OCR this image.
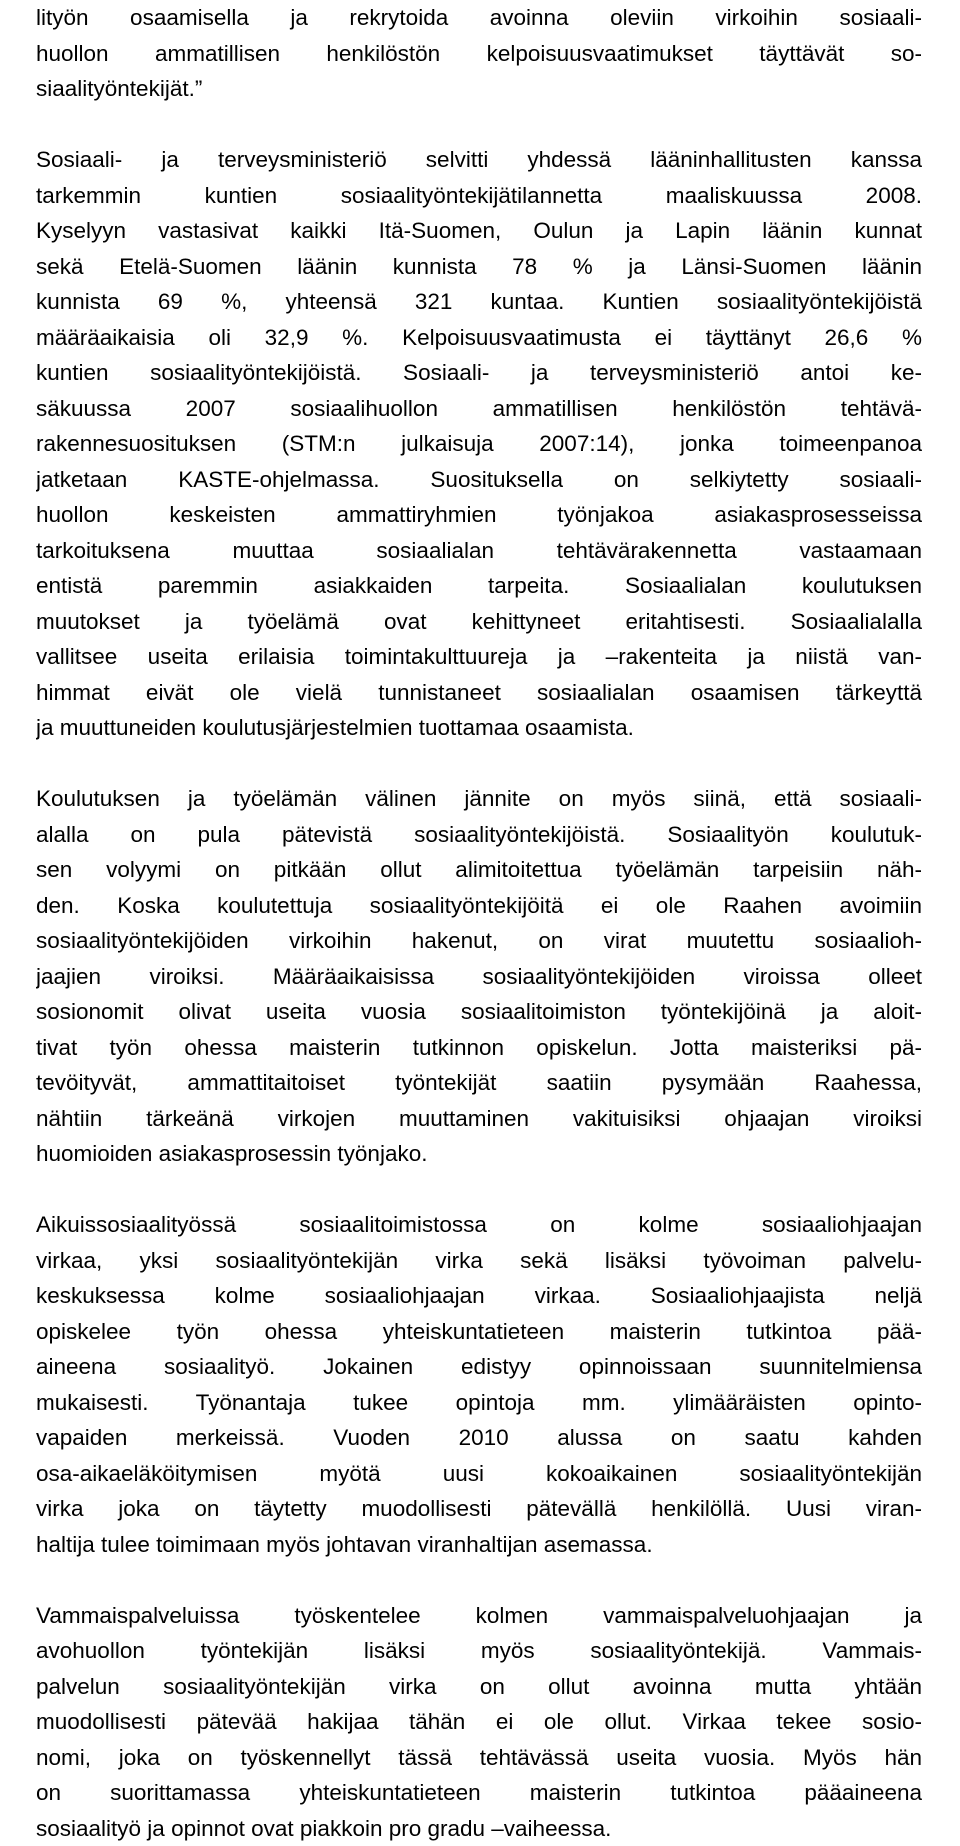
lityön osaamisella ja rekrytoida avoinna oleviin virkoihin sosiaali-
huollon ammatillisen henkilöstön kelpoisuusvaatimukset täyttävät so-
siaalityöntekijät.”
Sosiaali- ja terveysministeriö selvitti yhdessä lääninhallitusten kanssa
tarkemmin kuntien sosiaalityöntekijätilannetta maaliskuussa 2008.
Kyselyyn vastasivat kaikki Itä-Suomen, Oulun ja Lapin läänin kunnat
sekä Etelä-Suomen läänin kunnista 78 % ja Länsi-Suomen läänin
kunnista 69 %, yhteensä 321 kuntaa. Kuntien sosiaalityöntekijöistä
määräaikaisia oli 32,9 %. Kelpoisuusvaatimusta ei täyttänyt 26,6 %
kuntien sosiaalityöntekijöistä. Sosiaali- ja terveysministeriö antoi ke-
säkuussa 2007 sosiaalihuollon ammatillisen henkilöstön tehtävä-
rakennesuosituksen (STM:n julkaisuja 2007:14), jonka toimeenpanoa
jatketaan KASTE-ohjelmassa. Suosituksella on selkiytetty sosiaali-
huollon keskeisten ammattiryhmien työnjakoa asiakasprosesseissa
tarkoituksena muuttaa sosiaalialan tehtävärakennetta vastaamaan
entistä paremmin asiakkaiden tarpeita. Sosiaalialan koulutuksen
muutokset ja työelämä ovat kehittyneet eritahtisesti. Sosiaalialalla
vallitsee useita erilaisia toimintakulttuureja ja –rakenteita ja niistä van-
himmat eivät ole vielä tunnistaneet sosiaalialan osaamisen tärkeyttä
ja muuttuneiden koulutusjärjestelmien tuottamaa osaamista.
Koulutuksen ja työelämän välinen jännite on myös siinä, että sosiaali-
alalla on pula pätevistä sosiaalityöntekijöistä. Sosiaalityön koulutuk-
sen volyymi on pitkään ollut alimitoitettua työelämän tarpeisiin näh-
den. Koska koulutettuja sosiaalityöntekijöitä ei ole Raahen avoimiin
sosiaalityöntekijöiden virkoihin hakenut, on virat muutettu sosiaalioh-
jaajien viroiksi. Määräaikaisissa sosiaalityöntekijöiden viroissa olleet
sosionomit olivat useita vuosia sosiaalitoimiston työntekijöinä ja aloit-
tivat työn ohessa maisterin tutkinnon opiskelun. Jotta maisteriksi pä-
tevöityvät, ammattitaitoiset työntekijät saatiin pysymään Raahessa,
nähtiin tärkeänä virkojen muuttaminen vakituisiksi ohjaajan viroiksi
huomioiden asiakasprosessin työnjako.
Aikuissosiaalityössä sosiaalitoimistossa on kolme sosiaaliohjaajan
virkaa, yksi sosiaalityöntekijän virka sekä lisäksi työvoiman palvelu-
keskuksessa kolme sosiaaliohjaajan virkaa. Sosiaaliohjaajista neljä
opiskelee työn ohessa yhteiskuntatieteen maisterin tutkintoa pää-
aineena sosiaalityö. Jokainen edistyy opinnoissaan suunnitelmiensa
mukaisesti. Työnantaja tukee opintoja mm. ylimääräisten opinto-
vapaiden merkeissä. Vuoden 2010 alussa on saatu kahden
osa-aikaeläköitymisen myötä uusi kokoaikainen sosiaalityöntekijän
virka joka on täytetty muodollisesti pätevällä henkilöllä. Uusi viran-
haltija tulee toimimaan myös johtavan viranhaltijan asemassa.
Vammaispalveluissa työskentelee kolmen vammaispalveluohjaajan ja
avohuollon työntekijän lisäksi myös sosiaalityöntekijä. Vammais-
palvelun sosiaalityöntekijän virka on ollut avoinna mutta yhtään
muodollisesti pätevää hakijaa tähän ei ole ollut. Virkaa tekee sosio-
nomi, joka on työskennellyt tässä tehtävässä useita vuosia. Myös hän
on suorittamassa yhteiskuntatieteen maisterin tutkintoa pääaineena
sosiaalityö ja opinnot ovat piakkoin pro gradu –vaiheessa.
